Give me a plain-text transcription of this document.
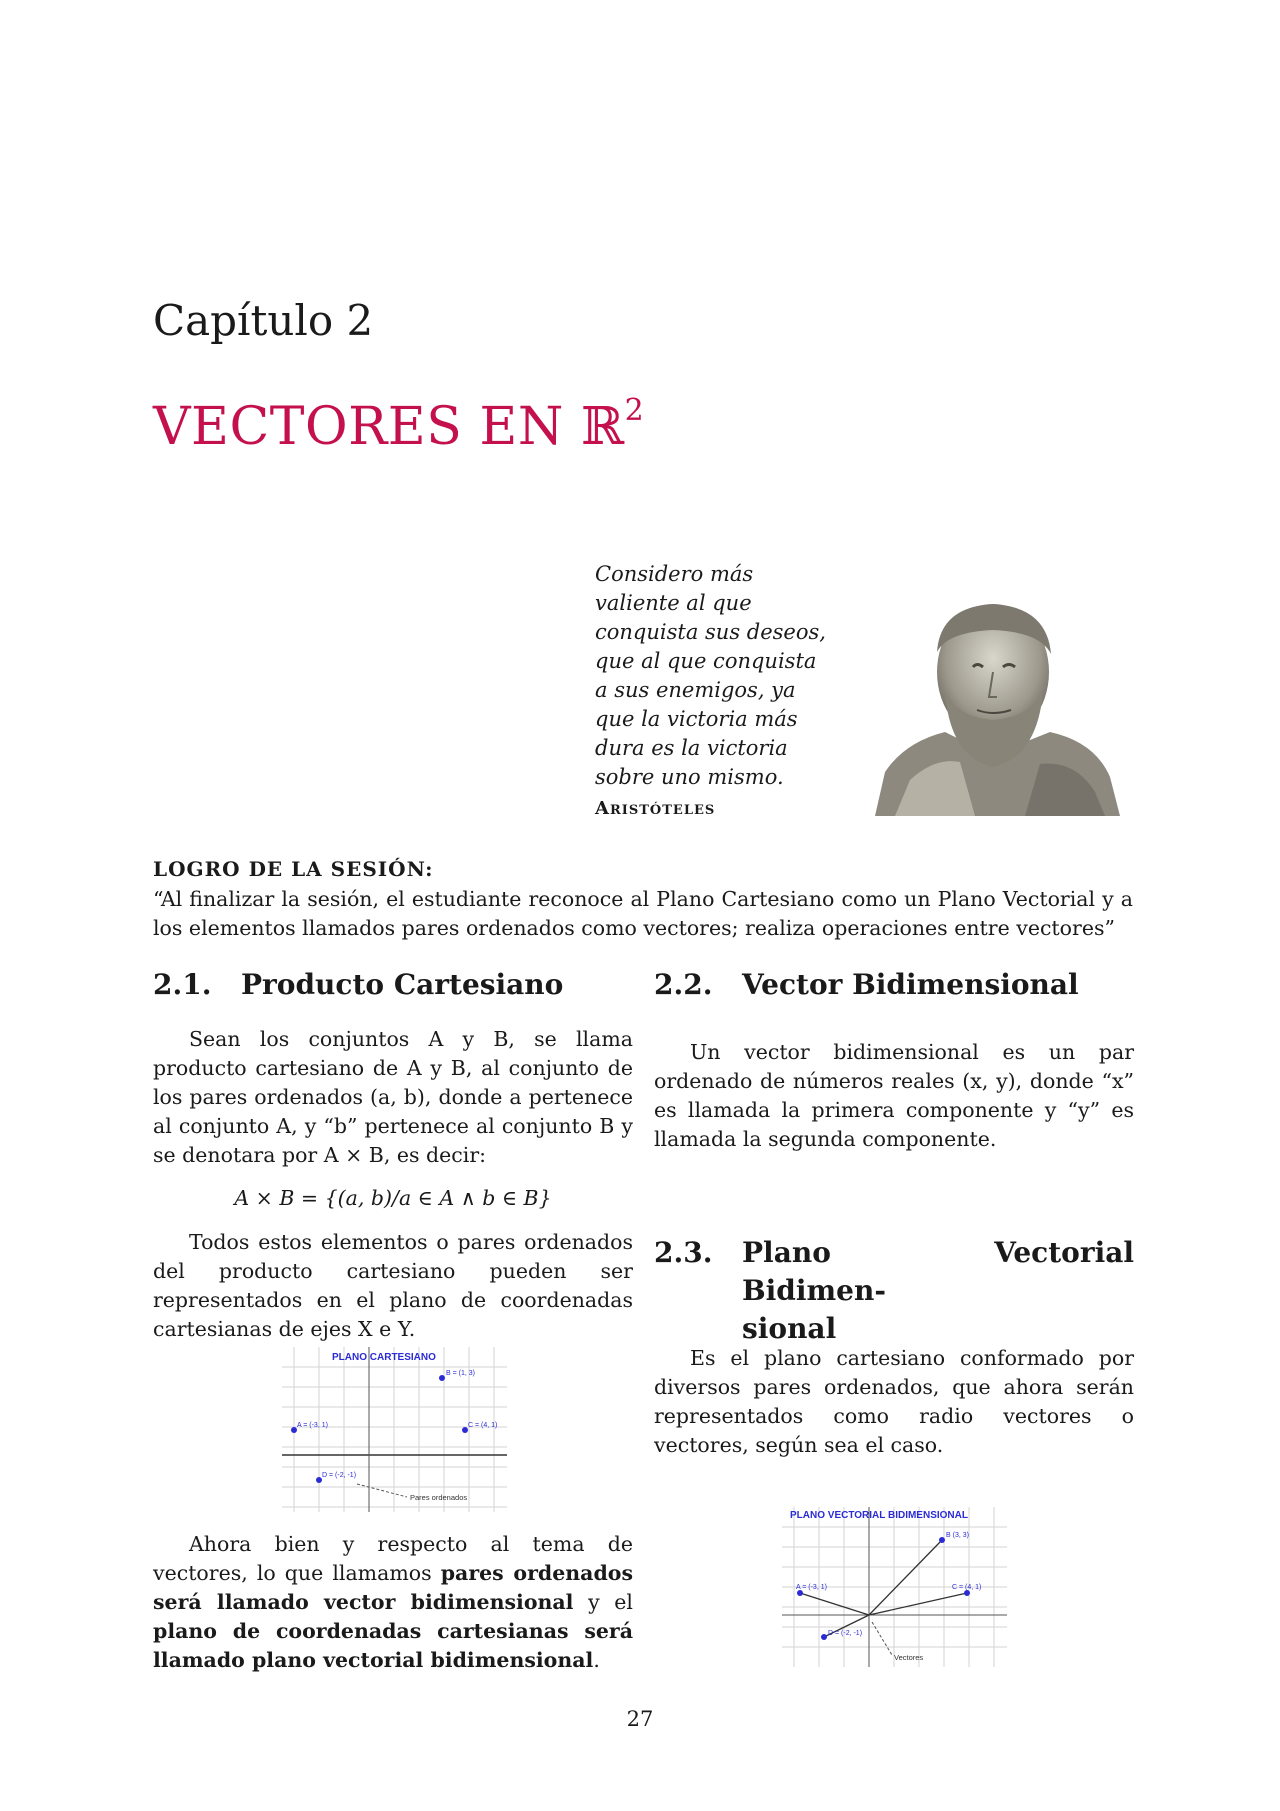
Capítulo 2
VECTORES EN ℝ$^2$
Considero más valiente al que conquista sus deseos, que al que conquista a sus enemigos, ya que la victoria más dura es la victoria sobre uno mismo.
Aristóteles
LOGRO DE LA SESIÓN:
“Al finalizar la sesión, el estudiante reconoce al Plano Cartesiano como un Plano Vectorial y a los elementos llamados pares ordenados como vectores; realiza operaciones entre vectores”
2.1. Producto Cartesiano

Sean los conjuntos A y B, se llama producto cartesiano de A y B, al conjunto de los pares ordenados (a, b), donde a pertenece al conjunto A, y “b” pertenece al conjunto B y se denotara por A × B, es decir:

A × B = {(a, b)/a ∈ A ∧ b ∈ B}

Todos estos elementos o pares ordenados del producto cartesiano pueden ser representados en el plano de coordenadas cartesianas de ejes X e Y.

PLANO CARTESIANO
A = (-3, 1)
B = (1, 3)
C = (4, 1)
D = (-2, -1)
Pares ordenados

Ahora bien y respecto al tema de vectores, lo que llamamos pares ordenados será llamado vector bidimensional y el plano de coordenadas cartesianas será llamado plano vectorial bidimensional.

2.2. Vector Bidimensional

Un vector bidimensional es un par ordenado de números reales (x, y), donde “x” es llamada la primera componente y “y” es llamada la segunda componente.

2.3.	Plano Vectorial Bidimen-
sional

Es el plano cartesiano conformado por diversos pares ordenados, que ahora serán representados como radio vectores o vectores, según sea el caso.

PLANO VECTORIAL BIDIMENSIONAL
A = (-3, 1)
B (3, 3)
C = (4, 1)
D = (-2, -1)
Vectores
27
